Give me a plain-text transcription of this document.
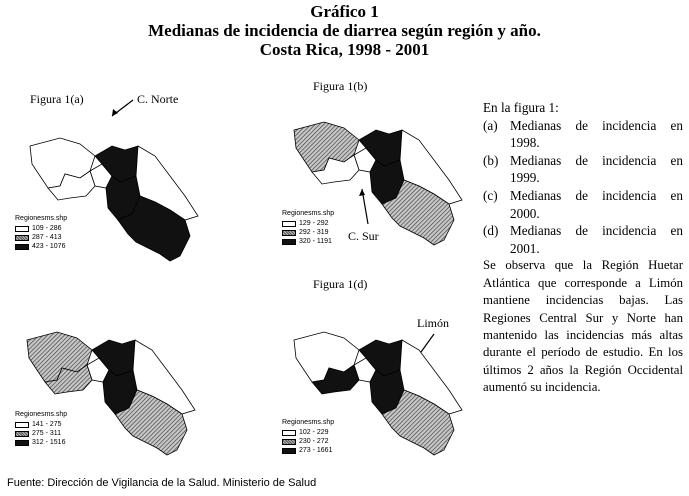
Gráfico 1
Medianas de incidencia de diarrea según región y año.
Costa Rica, 1998 - 2001
Figura 1(a)	C. Norte
Regionesms.shp
109 - 286
287 - 413
423 - 1076
Figura 1(b)
C. Sur
Regionesms.shp
129 - 292
292 - 319
320 - 1191
Regionesms.shp
141 - 275
275 - 311
312 - 1516
Figura 1(d)
Limón
Regionesms.shp
102 - 229
230 - 272
273 - 1661

En la figura 1:

(a) Medianas de incidencia en 1998.
(b) Medianas de incidencia en 1999.
(c) Medianas de incidencia en 2000.
(d) Medianas de incidencia en 2001.

Se observa que la Región Huetar Atlántica que corresponde a Limón mantiene incidencias bajas. Las Regiones Central Sur y Norte han mantenido las incidencias más altas durante el período de estudio. En los últimos 2 años la Región Occidental aumentó su incidencia.

Fuente: Dirección de Vigilancia de la Salud. Ministerio de Salud
